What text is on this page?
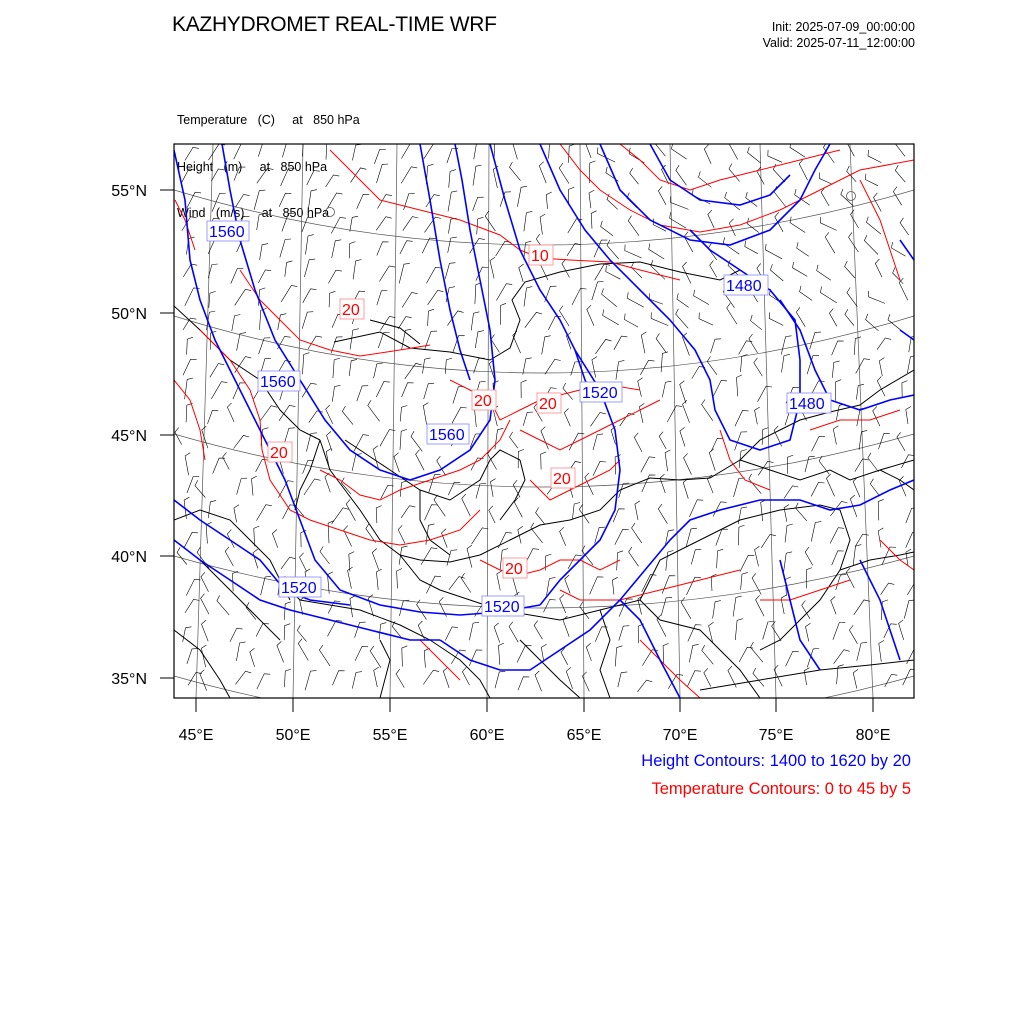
KAZHYDROMET REAL-TIME WRF	Init: 2025-07-09_00:00:00
Valid: 2025-07-11_12:00:00

Temperature   (C)     at   850 hPa

Height   (m)     at   850 hPa

Wind   (m/s)     at   850 hPa

1560
1560
1560
1520
1520
1520
1480
1480
10
20
20	20
20
20
20
55°N
50°N
45°N
40°N
35°N
45°E	50°E	55°E	60°E	65°E	70°E	75°E	80°E
Height Contours: 1400 to 1620 by 20
Temperature Contours: 0 to 45 by 5
